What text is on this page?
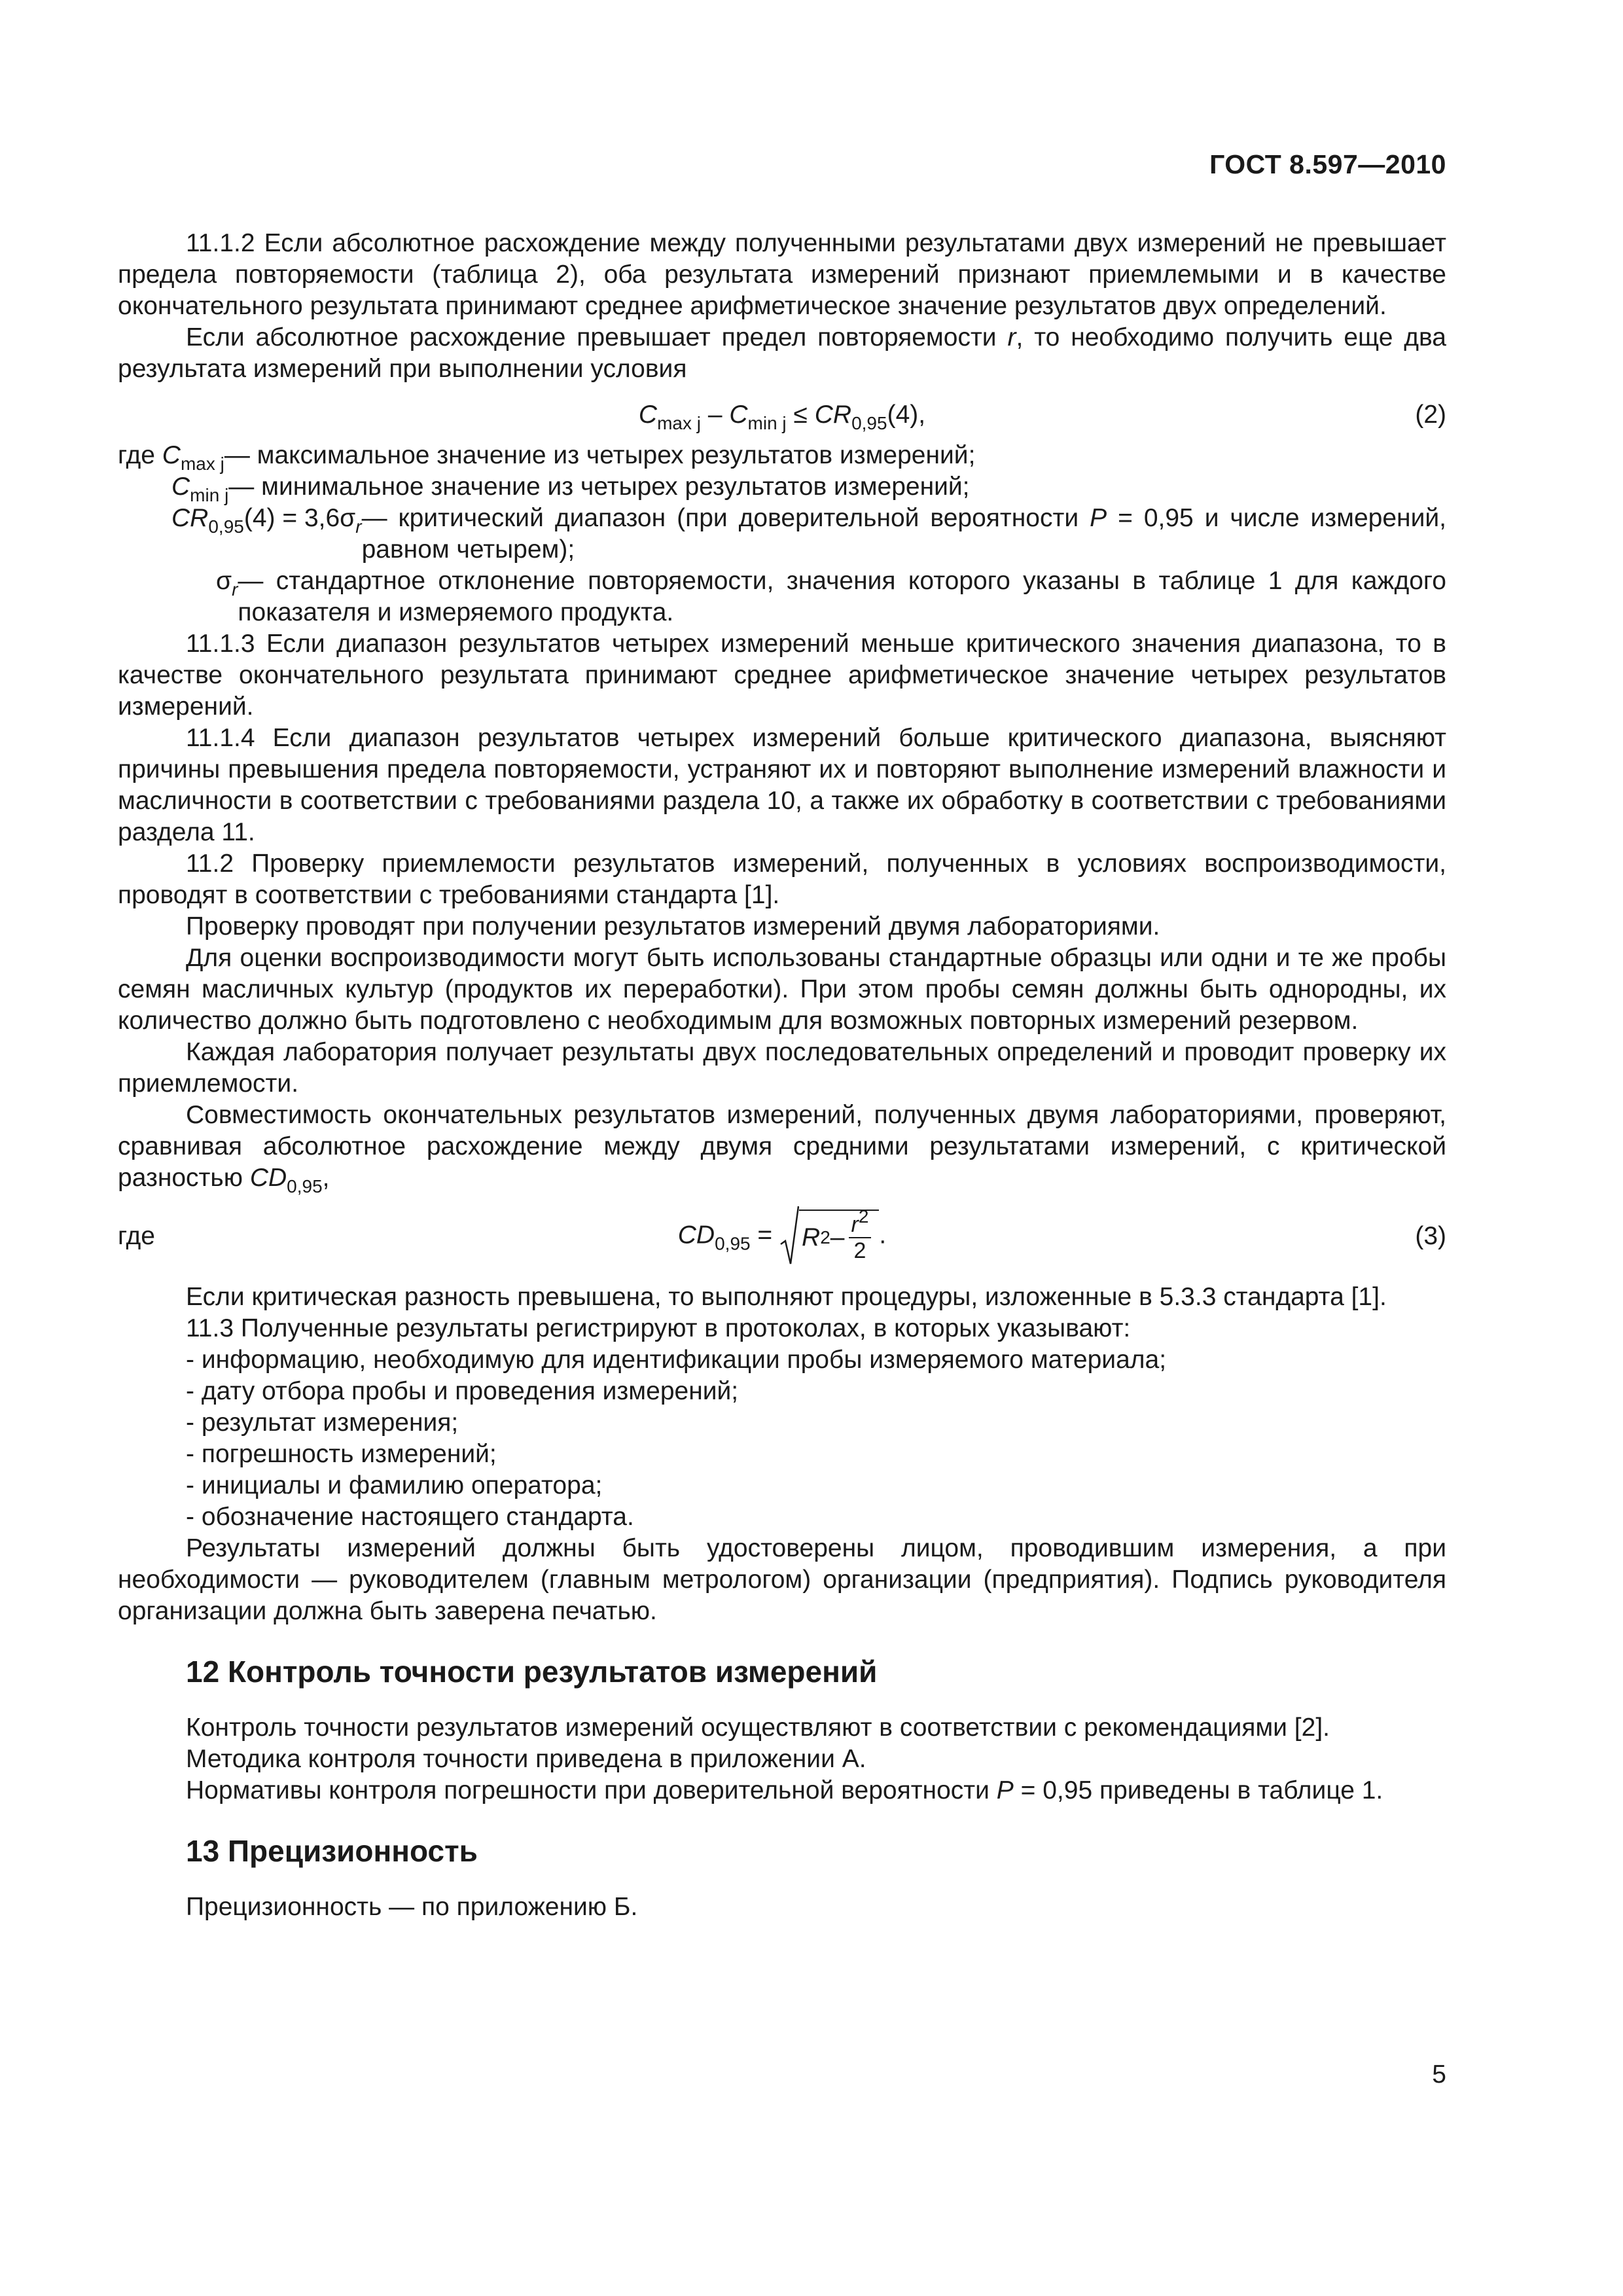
ГОСТ 8.597—2010

11.1.2 Если абсолютное расхождение между полученными результатами двух измерений не превышает предела повторяемости (таблица 2), оба результата измерений признают приемлемыми и в качестве окончательного результата принимают среднее арифметическое значение результатов двух определений.

Если абсолютное расхождение превышает предел повторяемости r, то необходимо получить еще два результата измерений при выполнении условия

$C_{max j} - C_{min j} \le CR_{0,95}(4)$,	(2)
где $C_{max j}$ — максимальное значение из четырех результатов измерений;
$C_{min j}$ — минимальное значение из четырех результатов измерений;
$CR_{0,95}(4) = 3,6\sigma_r$ — критический диапазон (при доверительной вероятности P = 0,95 и числе измерений, равном четырем);
$\sigma_r$ — стандартное отклонение повторяемости, значения которого указаны в таблице 1 для каждого показателя и измеряемого продукта.

11.1.3 Если диапазон результатов четырех измерений меньше критического значения диапазона, то в качестве окончательного результата принимают среднее арифметическое значение четырех результатов измерений.

11.1.4 Если диапазон результатов четырех измерений больше критического диапазона, выясняют причины превышения предела повторяемости, устраняют их и повторяют выполнение измерений влажности и масличности в соответствии с требованиями раздела 10, а также их обработку в соответствии с требованиями раздела 11.

11.2 Проверку приемлемости результатов измерений, полученных в условиях воспроизводимости, проводят в соответствии с требованиями стандарта [1].

Проверку проводят при получении результатов измерений двумя лабораториями.

Для оценки воспроизводимости могут быть использованы стандартные образцы или одни и те же пробы семян масличных культур (продуктов их переработки). При этом пробы семян должны быть однородны, их количество должно быть подготовлено с необходимым для возможных повторных измерений резервом.

Каждая лаборатория получает результаты двух последовательных определений и проводит проверку их приемлемости.

Совместимость окончательных результатов измерений, полученных двумя лабораториями, проверяют, сравнивая абсолютное расхождение между двумя средними результатами измерений, с критической разностью $CD_{0,95}$,

где	$CD_{0,95} = R$ $2 - \frac{r^2}{2}$ .	(3)

Если критическая разность превышена, то выполняют процедуры, изложенные в 5.3.3 стандарта [1].

11.3 Полученные результаты регистрируют в протоколах, в которых указывают:

- информацию, необходимую для идентификации пробы измеряемого материала;

- дату отбора пробы и проведения измерений;

- результат измерения;

- погрешность измерений;

- инициалы и фамилию оператора;

- обозначение настоящего стандарта.

Результаты измерений должны быть удостоверены лицом, проводившим измерения, а при необходимости — руководителем (главным метрологом) организации (предприятия). Подпись руководителя организации должна быть заверена печатью.

12 Контроль точности результатов измерений

Контроль точности результатов измерений осуществляют в соответствии с рекомендациями [2].

Методика контроля точности приведена в приложении А.

Нормативы контроля погрешности при доверительной вероятности P = 0,95 приведены в таблице 1.

13 Прецизионность

Прецизионность — по приложению Б.

5
